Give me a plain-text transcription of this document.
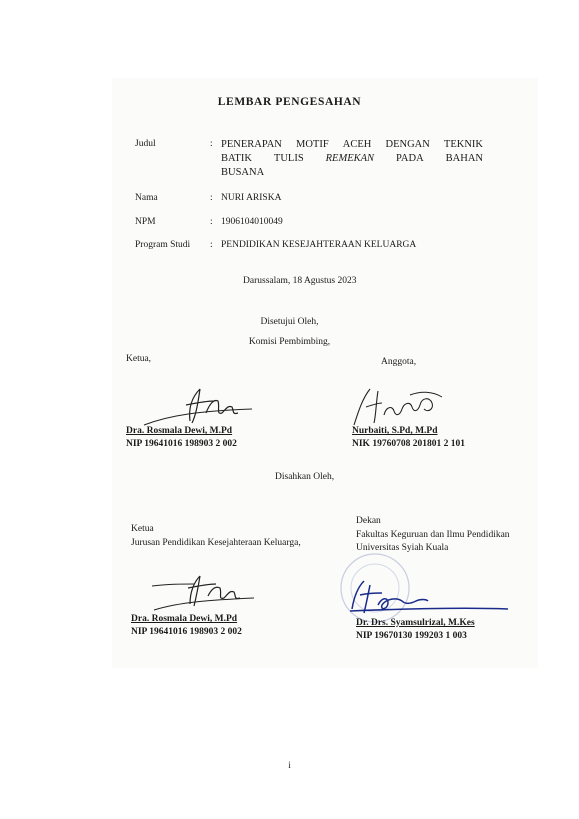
LEMBAR PENGESAHAN
Judul	: PENERAPAN MOTIF ACEH DENGAN TEKNIK
BATIK TULIS REMEKAN PADA BAHAN
BUSANA
Nama	: NURI ARISKA
NPM	: 1906104010049
Program Studi : PENDIDIKAN KESEJAHTERAAN KELUARGA
Darussalam, 18 Agustus 2023
Disetujui Oleh,
Komisi Pembimbing,
Ketua,	Anggota,
Dra. Rosmala Dewi, M.Pd
NIP 19641016 198903 2 002
Nurbaiti, S.Pd, M.Pd
NIK 19760708 201801 2 101
Disahkan Oleh,
Ketua
Jurusan Pendidikan Kesejahteraan Keluarga,
Dekan
Fakultas Keguruan dan Ilmu Pendidikan
Universitas Syiah Kuala
Dra. Rosmala Dewi, M.Pd
NIP 19641016 198903 2 002
Dr. Drs. Syamsulrizal, M.Kes
NIP 19670130 199203 1 003
i
